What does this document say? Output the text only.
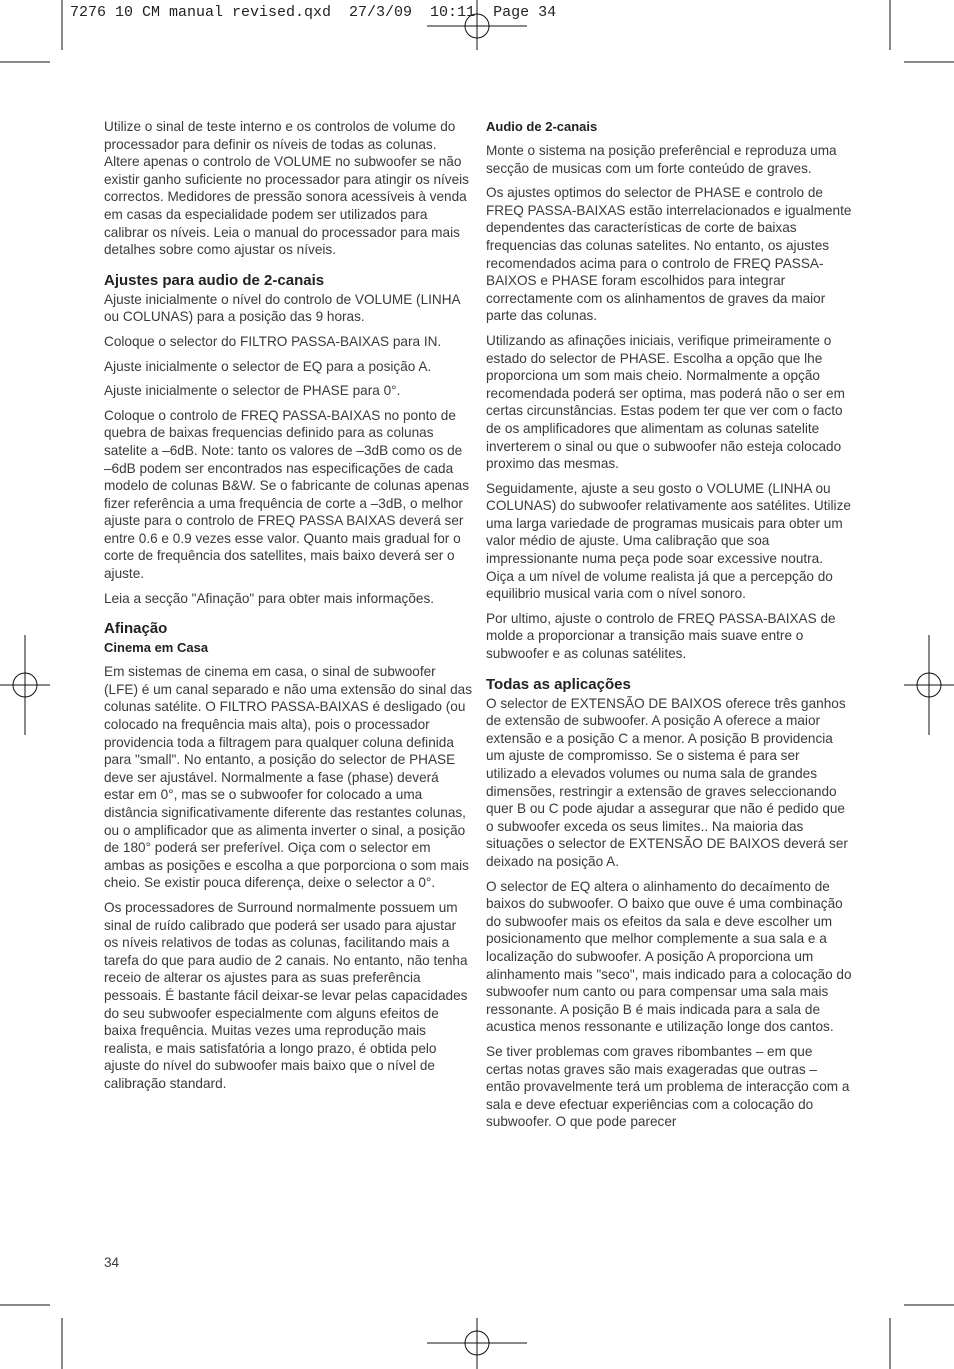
7276 10 CM manual revised.qxd  27/3/09  10:11  Page 34

Utilize o sinal de teste interno e os controlos de volume do processador para definir os níveis de todas as colunas. Altere apenas o controlo de VOLUME no subwoofer se não existir ganho suficiente no processador para atingir os níveis correctos. Medidores de pressão sonora acessíveis à venda em casas da especialidade podem ser utilizados para calibrar os níveis. Leia o manual do processador para mais detalhes sobre como ajustar os níveis.

Ajustes para audio de 2-canais

Ajuste inicialmente o nível do controlo de VOLUME (LINHA ou COLUNAS) para a posição das 9 horas.

Coloque o selector do FILTRO PASSA-BAIXAS para IN.

Ajuste inicialmente o selector de EQ para a posição A.

Ajuste inicialmente o selector de PHASE para 0°.

Coloque o controlo de FREQ PASSA-BAIXAS no ponto de quebra de baixas frequencias definido para as colunas satelite a –6dB. Note: tanto os valores de –3dB como os de –6dB podem ser encontrados nas especificações de cada modelo de colunas B&W. Se o fabricante de colunas apenas fizer referência a uma frequência de corte a –3dB, o melhor ajuste para o controlo de FREQ PASSA BAIXAS deverá ser entre 0.6 e 0.9 vezes esse valor. Quanto mais gradual for o corte de frequência dos satellites, mais baixo deverá ser o ajuste.

Leia a secção "Afinação" para obter mais informações.

Afinação
Cinema em Casa

Em sistemas de cinema em casa, o sinal de subwoofer (LFE) é um canal separado e não uma extensão do sinal das colunas satélite. O FILTRO PASSA-BAIXAS é desligado (ou colocado na frequência mais alta), pois o processador providencia toda a filtragem para qualquer coluna definida para "small". No entanto, a posição do selector de PHASE deve ser ajustável. Normalmente a fase (phase) deverá estar em 0°, mas se o subwoofer for colocado a uma distância significativamente diferente das restantes colunas, ou o amplificador que as alimenta inverter o sinal, a posição de 180° poderá ser preferível. Oiça com o selector em ambas as posições e escolha a que porporciona o som mais cheio. Se existir pouca diferença, deixe o selector a 0°.

Os processadores de Surround normalmente possuem um sinal de ruído calibrado que poderá ser usado para ajustar os níveis relativos de todas as colunas, facilitando mais a tarefa do que para audio de 2 canais. No entanto, não tenha receio de alterar os ajustes para as suas preferência pessoais. É bastante fácil deixar-se levar pelas capacidades do seu subwoofer especialmente com alguns efeitos de baixa frequência. Muitas vezes uma reprodução mais realista, e mais satisfatória a longo prazo, é obtida pelo ajuste do nível do subwoofer mais baixo que o nível de calibração standard.

Audio de 2-canais

Monte o sistema na posição preferêncial e reproduza uma secção de musicas com um forte conteúdo de graves.

Os ajustes optimos do selector de PHASE e controlo de FREQ PASSA-BAIXAS estão interrelacionados e igualmente dependentes das características de corte de baixas frequencias das colunas satelites. No entanto, os ajustes recomendados acima para o controlo de FREQ PASSA-BAIXOS e PHASE foram escolhidos para integrar correctamente com os alinhamentos de graves da maior parte das colunas.

Utilizando as afinações iniciais, verifique primeiramente o estado do selector de PHASE. Escolha a opção que lhe proporciona um som mais cheio. Normalmente a opção recomendada poderá ser optima, mas poderá não o ser em certas circunstâncias. Estas podem ter que ver com o facto de os amplificadores que alimentam as colunas satelite inverterem o sinal ou que o subwoofer não esteja colocado proximo das mesmas.

Seguidamente, ajuste a seu gosto o VOLUME (LINHA ou COLUNAS) do subwoofer relativamente aos satélites. Utilize uma larga variedade de programas musicais para obter um valor médio de ajuste. Uma calibração que soa impressionante numa peça pode soar excessive noutra. Oiça a um nível de volume realista já que a percepção do equilibrio musical varia com o nível sonoro.

Por ultimo, ajuste o controlo de FREQ PASSA-BAIXAS de molde a proporcionar a transição mais suave entre o subwoofer e as colunas satélites.

Todas as aplicações

O selector de EXTENSÃO DE BAIXOS oferece três ganhos de extensão de subwoofer. A posição A oferece a maior extensão e a posição C a menor. A posição B providencia um ajuste de compromisso. Se o sistema é para ser utilizado a elevados volumes ou numa sala de grandes dimensões, restringir a extensão de graves seleccionando quer B ou C pode ajudar a assegurar que não é pedido que o subwoofer exceda os seus limites.. Na maioria das situações o selector de EXTENSÃO DE BAIXOS deverá ser deixado na posição A.

O selector de EQ altera o alinhamento do decaímento de baixos do subwoofer. O baixo que ouve é uma combinação do subwoofer mais os efeitos da sala e deve escolher um posicionamento que melhor complemente a sua sala e a localização do subwoofer. A posição A proporciona um alinhamento mais "seco", mais indicado para a colocação do subwoofer num canto ou para compensar uma sala mais ressonante. A posição B é mais indicada para a sala de acustica menos ressonante e utilização longe dos cantos.

Se tiver problemas com graves ribombantes – em que certas notas graves são mais exageradas que outras – então provavelmente terá um problema de interacção com a sala e deve efectuar experiências com a colocação do subwoofer. O que pode parecer

34
